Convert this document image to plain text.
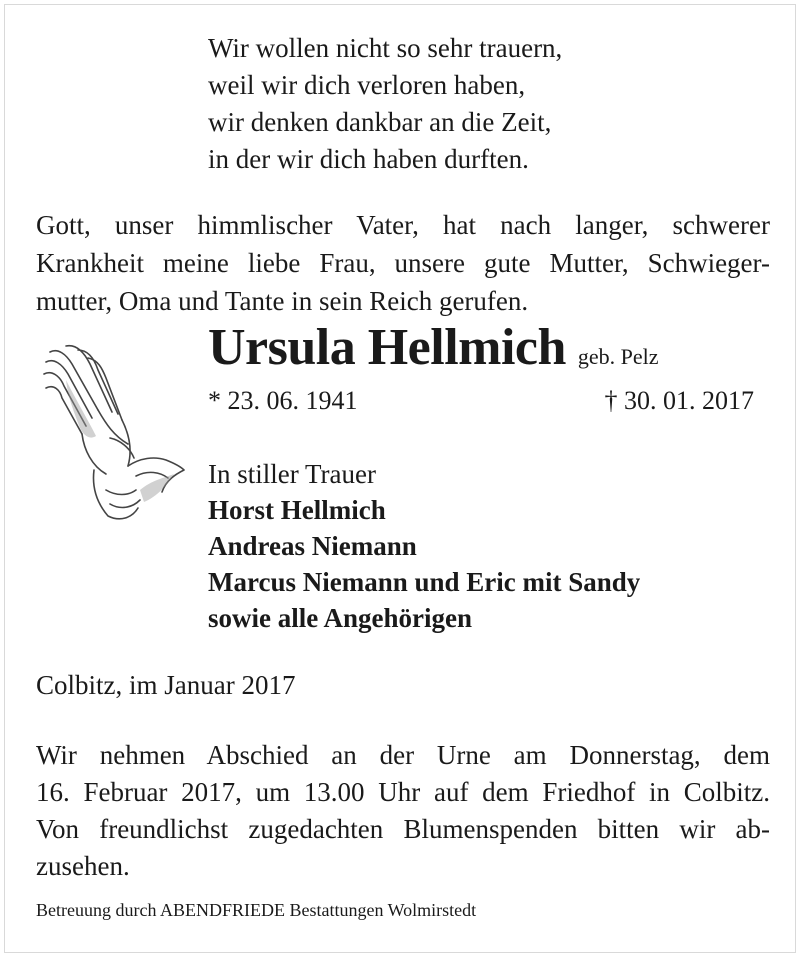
Wir wollen nicht so sehr trauern,
weil wir dich verloren haben,
wir denken dankbar an die Zeit,
in der wir dich haben durften.
Gott, unser himmlischer Vater, hat nach langer, schwerer
Krankheit meine liebe Frau, unsere gute Mutter, Schwieger-
mutter, Oma und Tante in sein Reich gerufen.
Ursula Hellmich geb. Pelz
* 23. 06. 1941	† 30. 01. 2017
In stiller Trauer
Horst Hellmich
Andreas Niemann
Marcus Niemann und Eric mit Sandy
sowie alle Angehörigen
Colbitz, im Januar 2017
Wir nehmen Abschied an der Urne am Donnerstag, dem
16. Februar 2017, um 13.00 Uhr auf dem Friedhof in Colbitz.
Von freundlichst zugedachten Blumenspenden bitten wir ab-
zusehen.
Betreuung durch ABENDFRIEDE Bestattungen Wolmirstedt
